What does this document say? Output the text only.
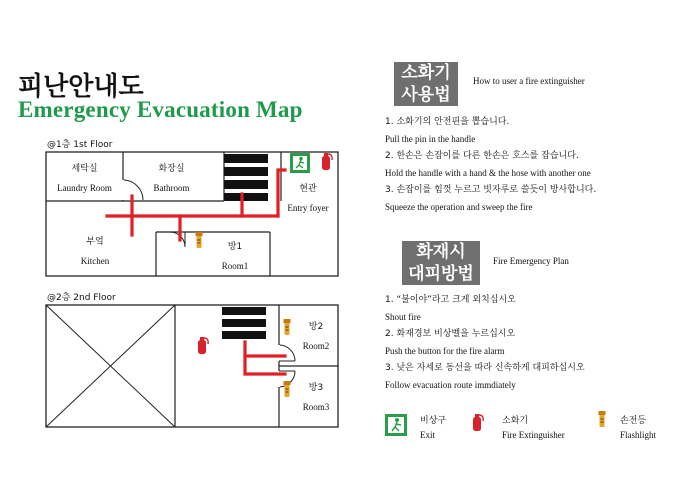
피난안내도
Emergency Evacuation Map
@1층 1st Floor
@2층 2nd Floor
세탁실
Laundry Room
화장실
Bathroom	현관
Entry foyer
부엌
Kitchen
방1
Room1
방2
Room2
방3
Room3
소화기
사용법
How to user a fire extinguisher
1. 소화기의 안전핀을 뽑습니다.
Pull the pin in the handle
2. 한손은 손잡이를 다른 한손은 호스를 잡습니다.
Hold the handle with a hand & the hose with another one
3. 손잡이를 힘껏 누르고 빗자루로 쓸듯이 방사합니다.
Squeeze the operation and sweep the fire
화재시
대피방법
Fire Emergency Plan
1. “불이야”라고 크게 외치십시오
Shout fire
2. 화재경보 비상벨을 누르십시오
Push the button for the fire alarm
3. 낮은 자세로 동선을 따라 신속하게 대피하십시오
Follow evacuation route immdiately
비상구
Exit
소화기
Fire Extinguisher
손전등
Flashlight
